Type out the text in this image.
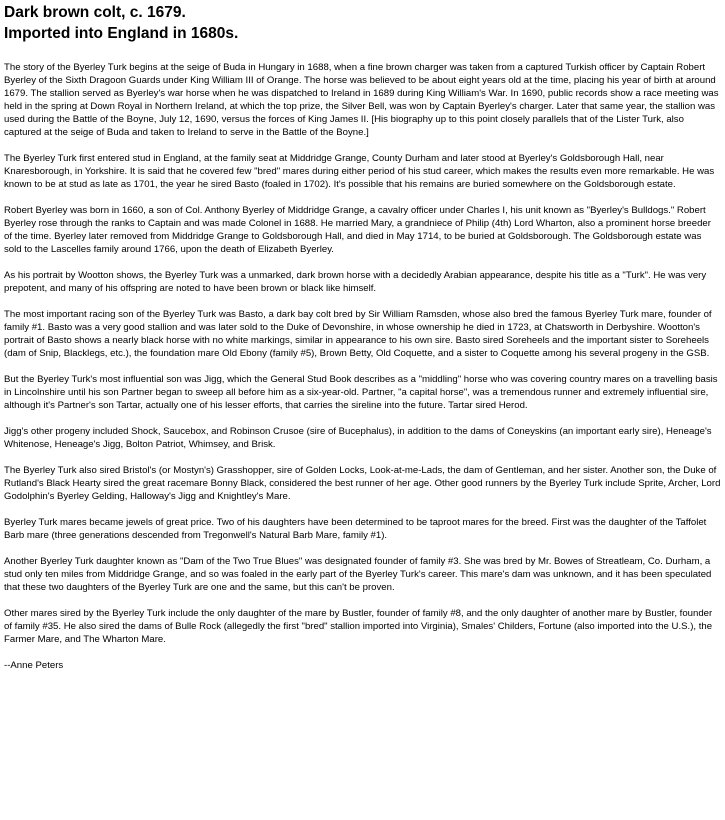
Dark brown colt, c. 1679.
Imported into England in 1680s.

The story of the Byerley Turk begins at the seige of Buda in Hungary in 1688, when a fine brown charger was taken from a captured Turkish officer by Captain Robert Byerley of the Sixth Dragoon Guards under King William III of Orange. The horse was believed to be about eight years old at the time, placing his year of birth at around 1679. The stallion served as Byerley's war horse when he was dispatched to Ireland in 1689 during King William's War. In 1690, public records show a race meeting was held in the spring at Down Royal in Northern Ireland, at which the top prize, the Silver Bell, was won by Captain Byerley's charger. Later that same year, the stallion was used during the Battle of the Boyne, July 12, 1690, versus the forces of King James II. [His biography up to this point closely parallels that of the Lister Turk, also captured at the seige of Buda and taken to Ireland to serve in the Battle of the Boyne.]

The Byerley Turk first entered stud in England, at the family seat at Middridge Grange, County Durham and later stood at Byerley's Goldsborough Hall, near Knaresborough, in Yorkshire. It is said that he covered few "bred" mares during either period of his stud career, which makes the results even more remarkable. He was known to be at stud as late as 1701, the year he sired Basto (foaled in 1702). It's possible that his remains are buried somewhere on the Goldsborough estate.

Robert Byerley was born in 1660, a son of Col. Anthony Byerley of Middridge Grange, a cavalry officer under Charles I, his unit known as "Byerley's Bulldogs." Robert Byerley rose through the ranks to Captain and was made Colonel in 1688. He married Mary, a grandniece of Philip (4th) Lord Wharton, also a prominent horse breeder of the time. Byerley later removed from Middridge Grange to Goldsborough Hall, and died in May 1714, to be buried at Goldsborough. The Goldsborough estate was sold to the Lascelles family around 1766, upon the death of Elizabeth Byerley.

As his portrait by Wootton shows, the Byerley Turk was a unmarked, dark brown horse with a decidedly Arabian appearance, despite his title as a "Turk". He was very prepotent, and many of his offspring are noted to have been brown or black like himself.

The most important racing son of the Byerley Turk was Basto, a dark bay colt bred by Sir William Ramsden, whose also bred the famous Byerley Turk mare, founder of family #1. Basto was a very good stallion and was later sold to the Duke of Devonshire, in whose ownership he died in 1723, at Chatsworth in Derbyshire. Wootton's portrait of Basto shows a nearly black horse with no white markings, similar in appearance to his own sire. Basto sired Soreheels and the important sister to Soreheels (dam of Snip, Blacklegs, etc.), the foundation mare Old Ebony (family #5), Brown Betty, Old Coquette, and a sister to Coquette among his several progeny in the GSB.

But the Byerley Turk's most influential son was Jigg, which the General Stud Book describes as a "middling" horse who was covering country mares on a travelling basis in Lincolnshire until his son Partner began to sweep all before him as a six-year-old. Partner, "a capital horse", was a tremendous runner and extremely influential sire, although it's Partner's son Tartar, actually one of his lesser efforts, that carries the sireline into the future. Tartar sired Herod.

Jigg's other progeny included Shock, Saucebox, and Robinson Crusoe (sire of Bucephalus), in addition to the dams of Coneyskins (an important early sire), Heneage's Whitenose, Heneage's Jigg, Bolton Patriot, Whimsey, and Brisk.

The Byerley Turk also sired Bristol's (or Mostyn's) Grasshopper, sire of Golden Locks, Look-at-me-Lads, the dam of Gentleman, and her sister. Another son, the Duke of Rutland's Black Hearty sired the great racemare Bonny Black, considered the best runner of her age. Other good runners by the Byerley Turk include Sprite, Archer, Lord Godolphin's Byerley Gelding, Halloway's Jigg and Knightley's Mare.

Byerley Turk mares became jewels of great price. Two of his daughters have been determined to be taproot mares for the breed. First was the daughter of the Taffolet Barb mare (three generations descended from Tregonwell's Natural Barb Mare, family #1).

Another Byerley Turk daughter known as "Dam of the Two True Blues" was designated founder of family #3. She was bred by Mr. Bowes of Streatleam, Co. Durham, a stud only ten miles from Middridge Grange, and so was foaled in the early part of the Byerley Turk's career. This mare's dam was unknown, and it has been speculated that these two daughters of the Byerley Turk are one and the same, but this can't be proven.

Other mares sired by the Byerley Turk include the only daughter of the mare by Bustler, founder of family #8, and the only daughter of another mare by Bustler, founder of family #35. He also sired the dams of Bulle Rock (allegedly the first "bred" stallion imported into Virginia), Smales' Childers, Fortune (also imported into the U.S.), the Farmer Mare, and The Wharton Mare.

--Anne Peters
